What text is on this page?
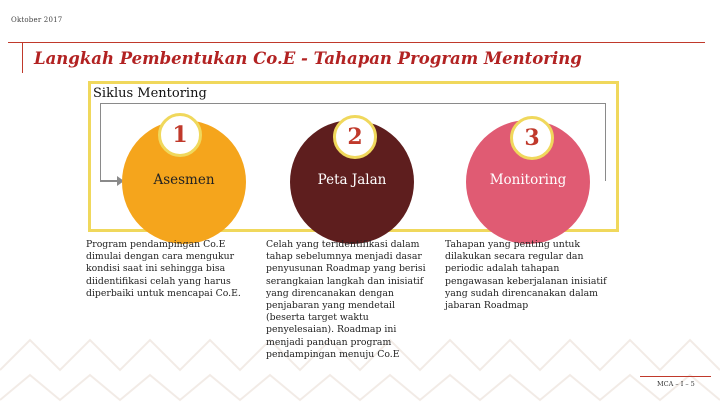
Oktober 2017
Langkah Pembentukan Co.E - Tahapan Program Mentoring
Siklus Mentoring
Asesmen	Peta Jalan	Monitoring
1	2	3
Program pendampingan Co.E
dimulai dengan cara mengukur
kondisi saat ini sehingga bisa
diidentifikasi celah yang harus
diperbaiki untuk mencapai Co.E.
Celah yang teridentifikasi dalam
tahap sebelumnya menjadi dasar
penyusunan Roadmap yang berisi
serangkaian langkah dan inisiatif
yang direncanakan dengan
penjabaran yang mendetail
(beserta target waktu
penyelesaian). Roadmap ini
menjadi panduan program
pendampingan menuju Co.E
Tahapan yang penting untuk
dilakukan secara regular dan
periodic adalah tahapan
pengawasan keberjalanan inisiatif
yang sudah direncanakan dalam
jabaran Roadmap
MCA – I – 5
